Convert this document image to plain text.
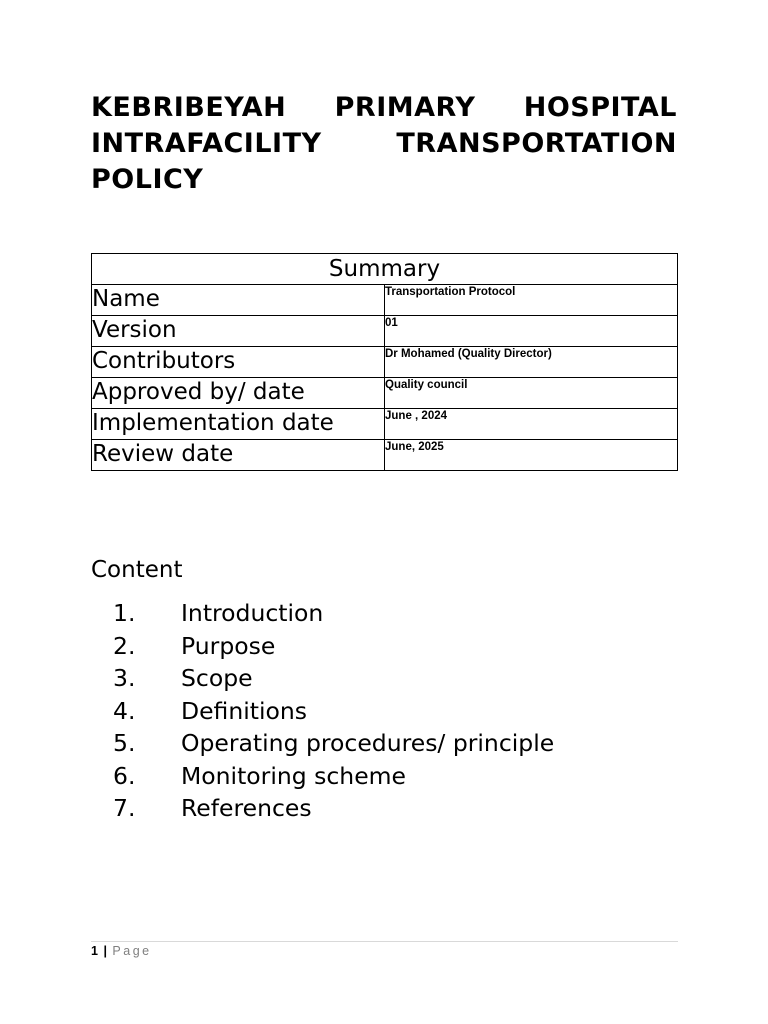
KEBRIBEYAH PRIMARY HOSPITAL
INTRAFACILITY	TRANSPORTATION
POLICY
Summary	
Name	Transportation Protocol
Version	01
Contributors	Dr Mohamed (Quality Director)
Approved by/ date	Quality council
Implementation date	June , 2024
Review date	June, 2025
Content
1. Introduction
2. Purpose
3. Scope
4. Definitions
5. Operating procedures/ principle
6. Monitoring scheme
7. References
1 | Page
